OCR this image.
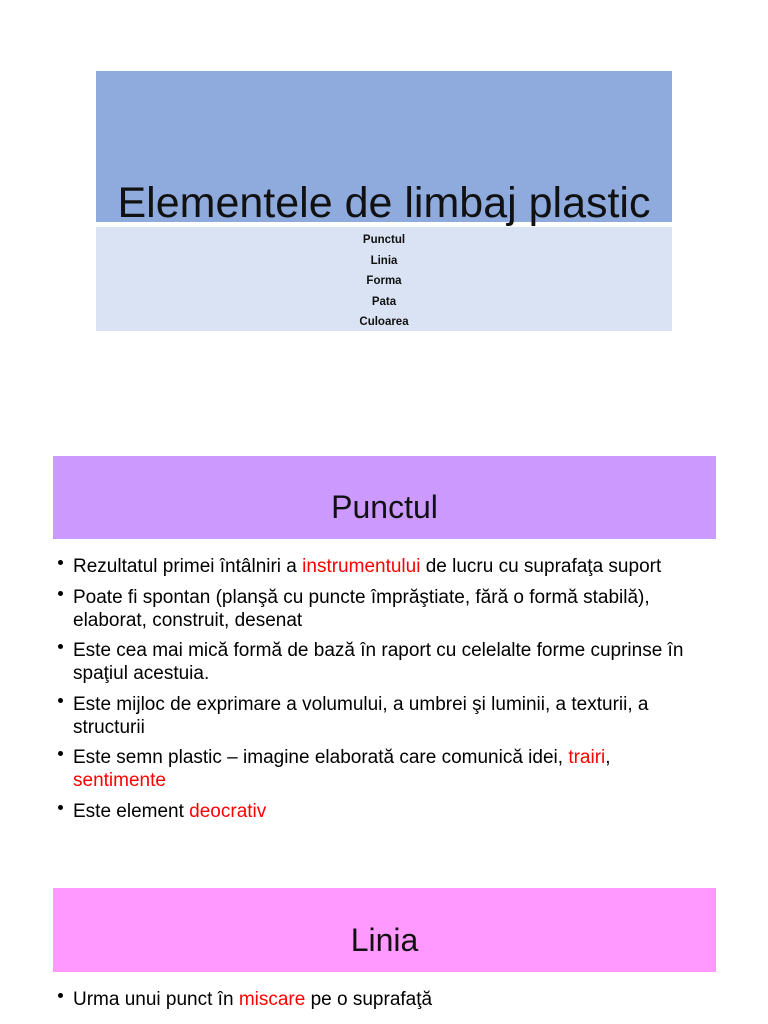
Elementele de limbaj plastic
Punctul
Linia
Forma
Pata
Culoarea
Punctul
Rezultatul primei întâlniri a instrumentului de lucru cu suprafaţa suport
Poate fi spontan (planşă cu puncte împrăştiate, fără o formă stabilă),
elaborat, construit, desenat
Este cea mai mică formă de bază în raport cu celelalte forme cuprinse în
spaţiul acestuia.
Este mijloc de exprimare a volumului, a umbrei şi luminii, a texturii, a
structurii
Este semn plastic – imagine elaborată care comunică idei, trairi,
sentimente
Este element deocrativ
Linia
Urma unui punct în miscare pe o suprafaţă
